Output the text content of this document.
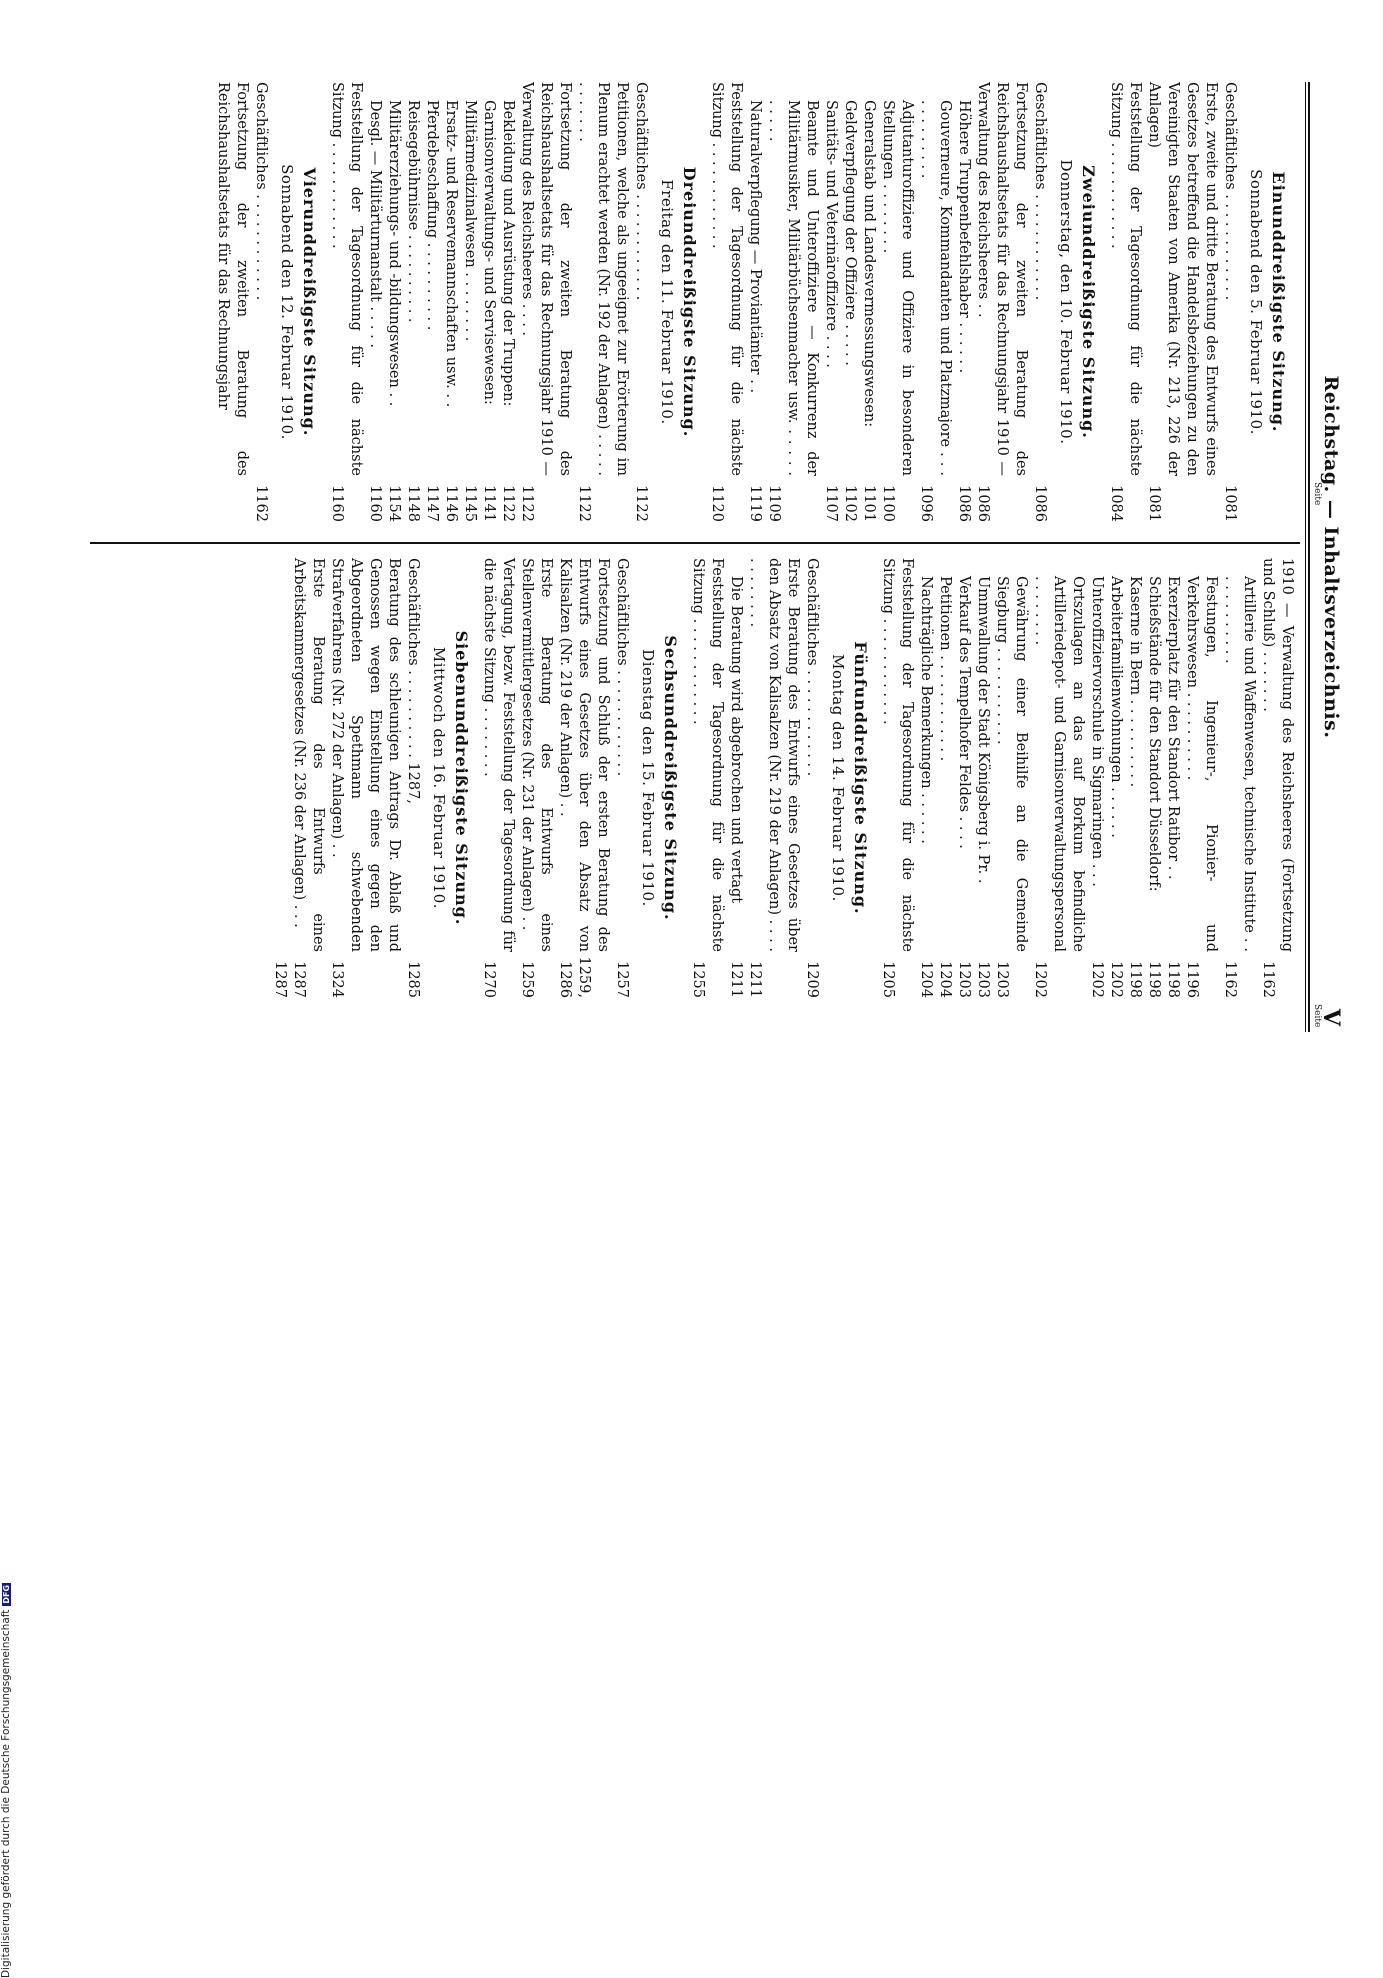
Reichstag. — Inhaltsverzeichnis.
V
Seite
Seite
Einunddreißigste Sitzung.
Sonnabend den 5. Februar 1910.
Geschäftliches . . . . . . . . . . . .
1081
Erste, zweite und dritte Beratung des Entwurfs eines Gesetzes betreffend die Handelsbeziehungen zu den Vereinigten Staaten von Amerika (Nr. 213, 226 der Anlagen)
1081
Feststellung der Tagesordnung für die nächste Sitzung . . . . . . . . . . . .
1084
Zweiunddreißigste Sitzung.
Donnerstag, den 10. Februar 1910.
Geschäftliches . . . . . . . . . . . .
1086
Fortsetzung der zweiten Beratung des Reichshaushaltsetats für das Rechnungsjahr 1910 — Verwaltung des Reichsheeres . .
1086
Höhere Truppenbefehlshaber . . . . . .
1086
Gouverneure, Kommandanten und Platzmajore . . . . . . . . . . . .
1096
Adjutanturoffiziere und Offiziere in besonderen Stellungen . . . . . . . .
1100
Generalstab und Landesvermessungswesen:
1101
Geldverpflegung der Offiziere . . . . .
1102
Sanitäts- und Veterinäroffiziere . . . .
1107
Beamte und Unteroffiziere — Konkurrenz der Militärmusiker, Militärbüchsenmacher usw. . . . . . . . . . .
1109
Naturalverpflegung — Proviantämter . .
1119
Feststellung der Tagesordnung für die nächste Sitzung . . . . . . . . . . . .
1120
Dreiunddreißigste Sitzung.
Freitag den 11. Februar 1910.
Geschäftliches . . . . . . . . . . . .
1122
Petitionen, welche als ungeeignet zur Erörterung im Plenum erachtet werden (Nr. 192 der Anlagen) . . . . . . . . . . . .
1122
Fortsetzung der zweiten Beratung des Reichshaushaltsetats für das Rechnungsjahr 1910 — Verwaltung des Reichsheeres . . . .
1122
Bekleidung und Ausrüstung der Truppen:
1122
Garnisonverwaltungs- und Servisewesen:
1141
Militärmedizinalwesen . . . . . . . .
1145
Ersatz- und Reservemannschaften usw. . .
1146
Pferdebeschaffung . . . . . . . . . .
1147
Reisegebührnisse . . . . . . . . . .
1148
Militärerziehungs- und -bildungswesen . .
1154
Desgl. — Militärturnanstalt . . . . .
1160
Feststellung der Tagesordnung für die nächste Sitzung . . . . . . . . . . . .
1160
Vierunddreißigste Sitzung.
Sonnabend den 12. Februar 1910.
Geschäftliches . . . . . . . . . . . .
1162
Fortsetzung der zweiten Beratung des Reichshaushaltsetats für das Rechnungsjahr
1910 — Verwaltung des Reichsheeres (Fortsetzung und Schluß) . . . . . . .
1162
Artillerie und Waffenwesen, technische Institute . . . . . . . . . . . .
1162
Festungen, Ingenieur-, Pionier- und Verkehrswesen . . . . . . . . . .
1196
Exerzierplatz für den Standort Ratibor . .
1198
Schießstände für den Standort Düsseldorf:
1198
Kaserne in Bern . . . . . . . . . .
1198
Arbeiterfamilienwohnungen . . . . . .
1202
Unteroffiziervorschule in Sigmaringen . . .
1202
Ortszulagen an das auf Borkum befindliche Artilleriedepot- und Garnisonverwaltungspersonal . . . . . . . .
1202
Gewährung einer Beihilfe an die Gemeinde Siegburg . . . . . . . . . . .
1203
Ummwallung der Stadt Königsberg i. Pr. .
1203
Verkauf des Tempelhofer Feldes . . . .
1203
Petitionen . . . . . . . . . . . .
1204
Nachträgliche Bemerkungen . . . . . .
1204
Feststellung der Tagesordnung für die nächste Sitzung . . . . . . . . . . . .
1205
Fünfunddreißigste Sitzung.
Montag den 14. Februar 1910.
Geschäftliches . . . . . . . . . . . .
1209
Erste Beratung des Entwurfs eines Gesetzes über den Absatz von Kalisalzen (Nr. 219 der Anlagen) . . . . . . . . . . . .
1211
Die Beratung wird abgebrochen und vertagt
1211
Feststellung der Tagesordnung für die nächste Sitzung . . . . . . . . . . . .
1255
Sechsunddreißigste Sitzung.
Dienstag den 15. Februar 1910.
Geschäftliches . . . . . . . . . . . .
1257
Fortsetzung und Schluß der ersten Beratung des Entwurfs eines Gesetzes über den Absatz von Kalisalzen (Nr. 219 der Anlagen) . .
1259, 1286
Erste Beratung des Entwurfs eines Stellenvermittlergesetzes (Nr. 231 der Anlagen) . .
1259
Vertagung, bezw. Feststellung der Tagesordnung für die nächste Sitzung . . . . . . . .
1270
Siebenunddreißigste Sitzung.
Mittwoch den 16. Februar 1910.
Geschäftliches . . . . . . . . . . 1287,
1285
Beratung des schleunigen Antrags Dr. Ablaß und Genossen wegen Einstellung eines gegen den Abgeordneten Spethmann schwebenden Strafverfahrens (Nr. 272 der Anlagen) . .
1324
Erste Beratung des Entwurfs eines Arbeitskammergesetzes (Nr. 236 der Anlagen) . . .
1287
1287
Digitalisierung gefördert durch die Deutsche ForschungsgemeinschaftDFG
